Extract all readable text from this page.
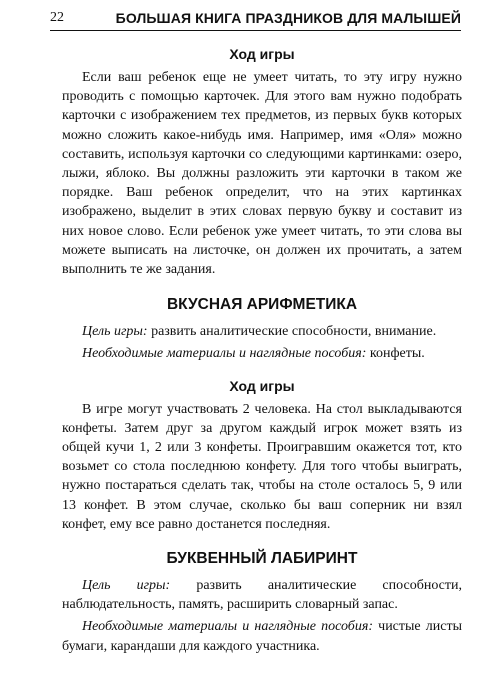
22	БОЛЬШАЯ КНИГА ПРАЗДНИКОВ ДЛЯ МАЛЫШЕЙ
Ход игры

Если ваш ребенок еще не умеет читать, то эту игру нужно проводить с помощью карточек. Для этого вам нужно подобрать карточки с изображением тех предметов, из первых букв которых можно сложить какое-нибудь имя. Например, имя «Оля» можно составить, используя карточки со следующими картинками: озеро, лыжи, яблоко. Вы должны разложить эти карточки в таком же порядке. Ваш ребенок определит, что на этих картинках изображено, выделит в этих словах первую букву и составит из них новое слово. Если ребенок уже умеет читать, то эти слова вы можете выписать на листочке, он должен их прочитать, а затем выполнить те же задания.

ВКУСНАЯ АРИФМЕТИКА

Цель игры: развить аналитические способности, внимание.

Необходимые материалы и наглядные пособия: конфеты.

Ход игры

В игре могут участвовать 2 человека. На стол выкладываются конфеты. Затем друг за другом каждый игрок может взять из общей кучи 1, 2 или 3 конфеты. Проигравшим окажется тот, кто возьмет со стола последнюю конфету. Для того чтобы выиграть, нужно постараться сделать так, чтобы на столе осталось 5, 9 или 13 конфет. В этом случае, сколько бы ваш соперник ни взял конфет, ему все равно достанется последняя.

БУКВЕННЫЙ ЛАБИРИНТ

Цель игры: развить аналитические способности, наблюдательность, память, расширить словарный запас.

Необходимые материалы и наглядные пособия: чистые листы бумаги, карандаши для каждого участника.
